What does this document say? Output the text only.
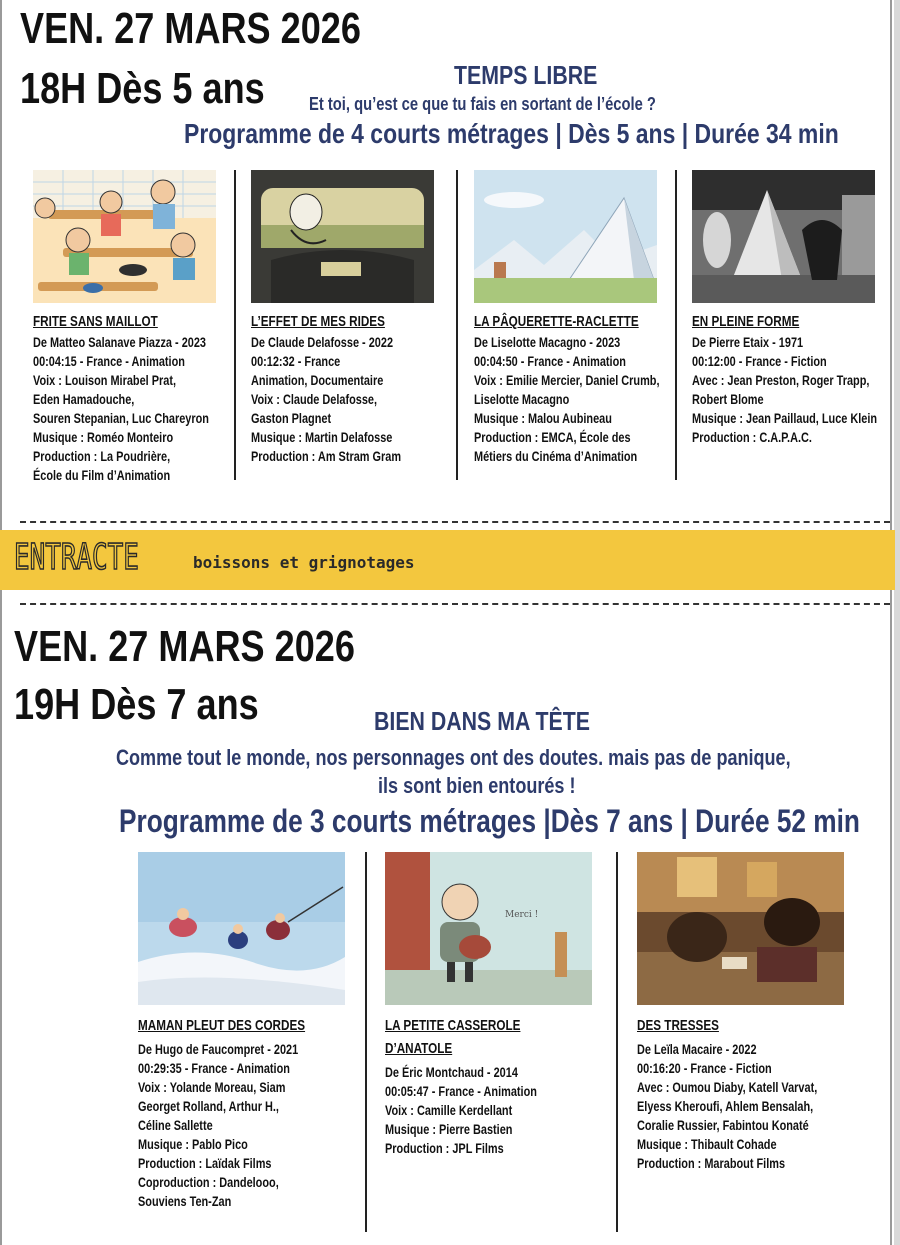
VEN. 27 MARS 2026
18H Dès 5 ans	TEMPS LIBRE
Et toi, qu’est ce que tu fais en sortant de l’école ?
Programme de 4 courts métrages | Dès 5 ans | Durée 34 min
FRITE SANS MAILLOT
De Matteo Salanave Piazza - 2023
00:04:15 - France - Animation
Voix : Louison Mirabel Prat,
Eden Hamadouche,
Souren Stepanian, Luc Chareyron
Musique : Roméo Monteiro
Production : La Poudrière,
École du Film d’Animation
L’EFFET DE MES RIDES
De Claude Delafosse - 2022
00:12:32 - France
Animation, Documentaire
Voix : Claude Delafosse,
Gaston Plagnet
Musique : Martin Delafosse
Production : Am Stram Gram
LA PÂQUERETTE-RACLETTE
De Liselotte Macagno - 2023
00:04:50 - France - Animation
Voix : Emilie Mercier, Daniel Crumb,
Liselotte Macagno
Musique : Malou Aubineau
Production : EMCA, École des
Métiers du Cinéma d’Animation
EN PLEINE FORME
De Pierre Etaix - 1971
00:12:00 - France - Fiction
Avec : Jean Preston, Roger Trapp,
Robert Blome
Musique : Jean Paillaud, Luce Klein
Production : C.A.P.A.C.
ENTRACTE	boissons et grignotages
VEN. 27 MARS 2026
19H Dès 7 ans	BIEN DANS MA TÊTE
Comme tout le monde, nos personnages ont des doutes. mais pas de panique,
ils sont bien entourés !
Programme de 3 courts métrages |Dès 7 ans | Durée 52 min
MAMAN PLEUT DES CORDES
De Hugo de Faucompret - 2021
00:29:35 - France - Animation
Voix : Yolande Moreau, Siam
Georget Rolland, Arthur H.,
Céline Sallette
Musique : Pablo Pico
Production : Laïdak Films
Coproduction : Dandelooo,
Souviens Ten-Zan
Merci !
LA PETITE CASSEROLE
D’ANATOLE
De Éric Montchaud - 2014
00:05:47 - France - Animation
Voix : Camille Kerdellant
Musique : Pierre Bastien
Production : JPL Films
DES TRESSES
De Leïla Macaire - 2022
00:16:20 - France - Fiction
Avec : Oumou Diaby, Katell Varvat,
Elyess Kheroufi, Ahlem Bensalah,
Coralie Russier, Fabintou Konaté
Musique : Thibault Cohade
Production : Marabout Films
